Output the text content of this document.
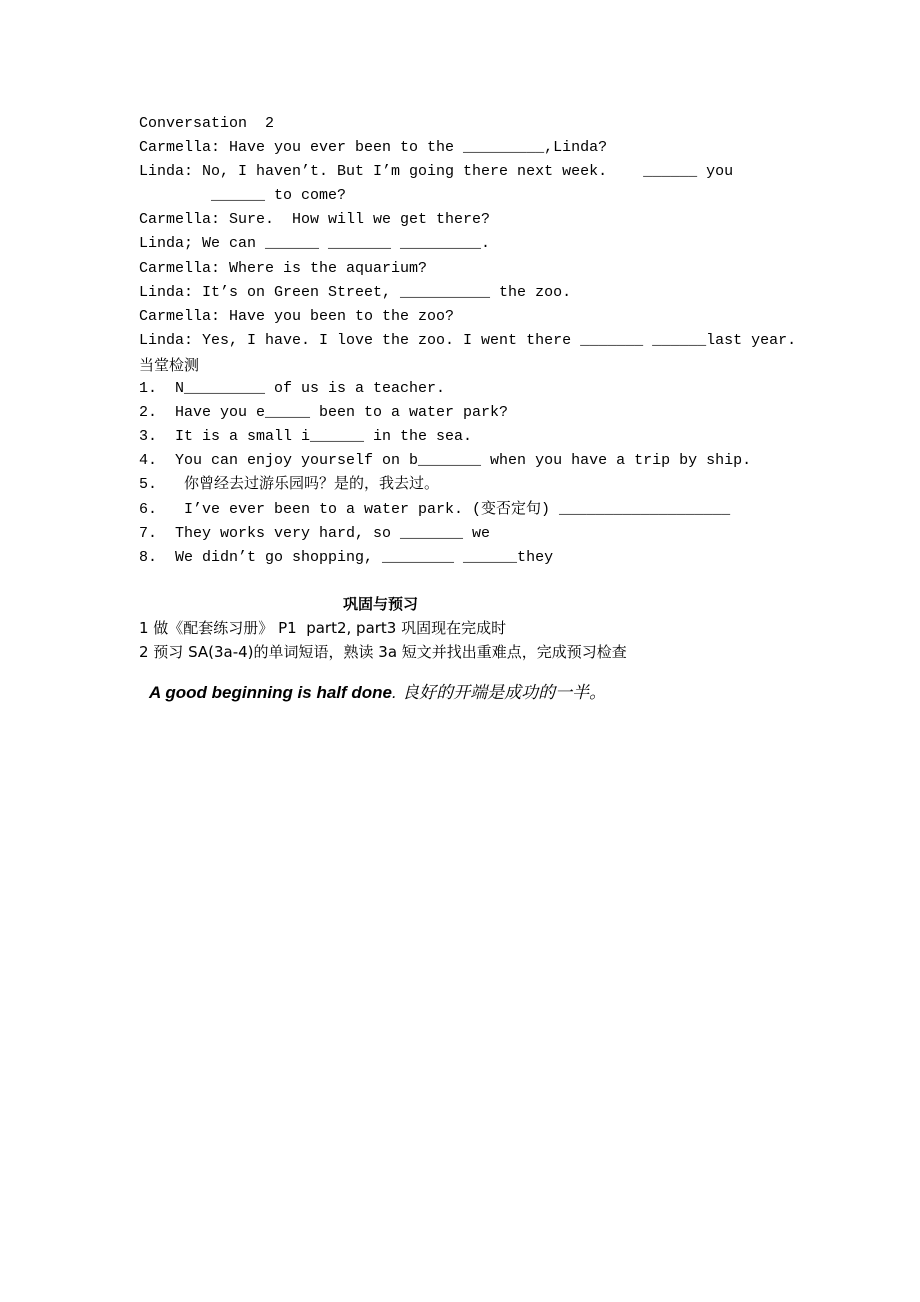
Conversation  2
Carmella: Have you ever been to the _________,Linda?
Linda: No, I haven’t. But I’m going there next week.    ______ you
______ to come?
Carmella: Sure.  How will we get there?
Linda; We can ______ _______ _________.
Carmella: Where is the aquarium?
Linda: It’s on Green Street, __________ the zoo.
Carmella: Have you been to the zoo?
Linda: Yes, I have. I love the zoo. I went there _______ ______last year.
当堂检测
1.  N_________ of us is a teacher.
2.  Have you e_____ been to a water park?
3.  It is a small i______ in the sea.
4.  You can enjoy yourself on b_______ when you have a trip by ship.
5.   你曾经去过游乐园吗？是的，我去过。
6.   I’ve ever been to a water park. (变否定句) ___________________
7.  They works very hard, so _______ we
8.  We didn’t go shopping, ________ ______they
巩固与预习
1 做《配套练习册》 P1  part2, part3 巩固现在完成时
2 预习 SA(3a-4)的单词短语，熟读 3a 短文并找出重难点，完成预习检查
A good beginning is half done. 良好的开端是成功的一半。
